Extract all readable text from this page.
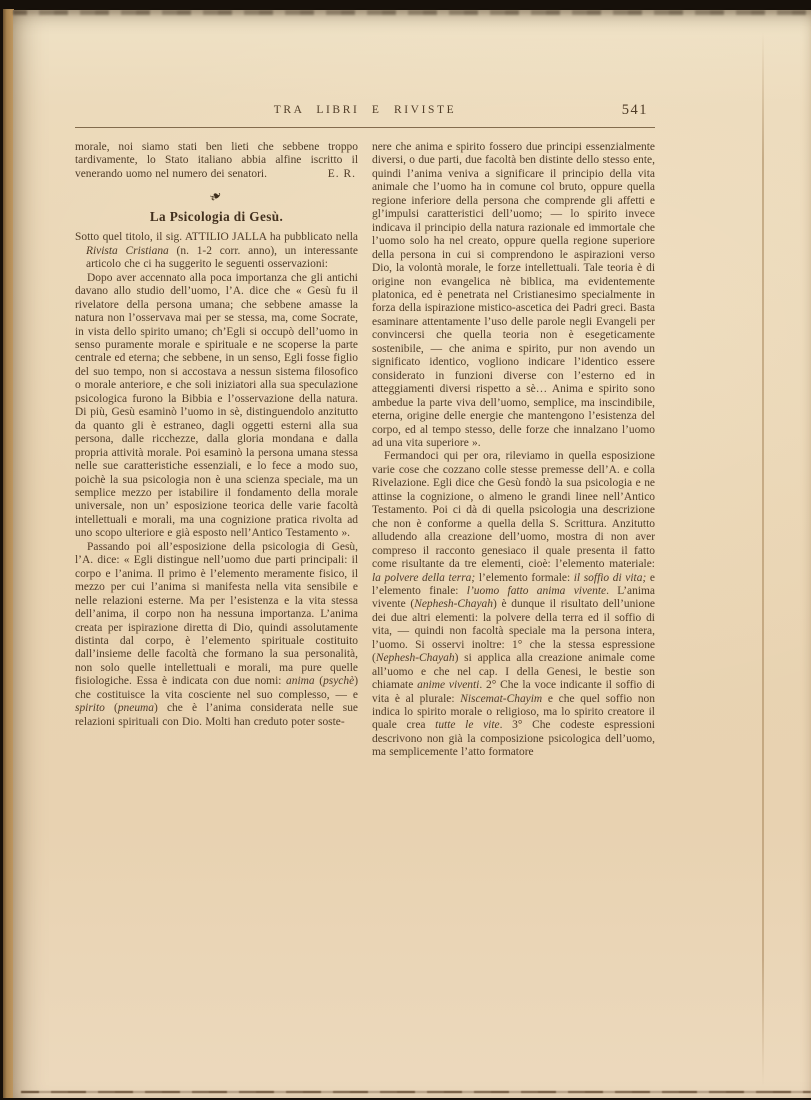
TRA LIBRI E RIVISTE	541

morale, noi siamo stati ben lieti che sebbene troppo tardivamente, lo Stato italiano abbia alfine iscritto il venerando uomo nel numero dei senatori.	E. R.
❧
La Psicologia di Gesù.

Sotto quel titolo, il sig. ATTILIO JALLA ha pubblicato nella Rivista Cristiana (n. 1-2 corr. anno), un interessante articolo che ci ha suggerito le seguenti osservazioni:

Dopo aver accennato alla poca importanza che gli antichi davano allo studio dell’uomo, l’A. dice che « Gesù fu il rivelatore della persona umana; che sebbene amasse la natura non l’osservava mai per se stessa, ma, come Socrate, in vista dello spirito umano; ch’Egli si occupò dell’uomo in senso puramente morale e spirituale e ne scoperse la parte centrale ed eterna; che sebbene, in un senso, Egli fosse figlio del suo tempo, non si accostava a nessun sistema filosofico o morale anteriore, e che soli iniziatori alla sua speculazione psicologica furono la Bibbia e l’osservazione della natura. Di più, Gesù esaminò l’uomo in sè, distinguendolo anzitutto da quanto gli è estraneo, dagli oggetti esterni alla sua persona, dalle ricchezze, dalla gloria mondana e dalla propria attività morale. Poi esaminò la persona umana stessa nelle sue caratteristiche essenziali, e lo fece a modo suo, poichè la sua psicologia non è una scienza speciale, ma un semplice mezzo per istabilire il fondamento della morale universale, non un’ esposizione teorica delle varie facoltà intellettuali e morali, ma una cognizione pratica rivolta ad uno scopo ulteriore e già esposto nell’Antico Testamento ».

Passando poi all’esposizione della psicologia di Gesù, l’A. dice: « Egli distingue nell’uomo due parti principali: il corpo e l’anima. Il primo è l’elemento meramente fisico, il mezzo per cui l’anima si manifesta nella vita sensibile e nelle relazioni esterne. Ma per l’esistenza e la vita stessa dell’anima, il corpo non ha nessuna importanza. L’anima creata per ispirazione diretta di Dio, quindi assolutamente distinta dal corpo, è l’elemento spirituale costituito dall’insieme delle facoltà che formano la sua personalità, non solo quelle intellettuali e morali, ma pure quelle fisiologiche. Essa è indicata con due nomi: anima (psychè) che costituisce la vita cosciente nel suo complesso, — e spirito (pneuma) che è l’anima considerata nelle sue relazioni spirituali con Dio. Molti han creduto poter soste-

nere che anima e spirito fossero due principi essenzialmente diversi, o due parti, due facoltà ben distinte dello stesso ente, quindi l’anima veniva a significare il principio della vita animale che l’uomo ha in comune col bruto, oppure quella regione inferiore della persona che comprende gli affetti e gl’impulsi caratteristici dell’uomo; — lo spirito invece indicava il principio della natura razionale ed immortale che l’uomo solo ha nel creato, oppure quella regione superiore della persona in cui si comprendono le aspirazioni verso Dio, la volontà morale, le forze intellettuali. Tale teoria è di origine non evangelica nè biblica, ma evidentemente platonica, ed è penetrata nel Cristianesimo specialmente in forza della ispirazione mistico-ascetica dei Padri greci. Basta esaminare attentamente l’uso delle parole negli Evangeli per convincersi che quella teoria non è esegeticamente sostenibile, — che anima e spirito, pur non avendo un significato identico, vogliono indicare l’identico essere considerato in funzioni diverse con l’esterno ed in atteggiamenti diversi rispetto a sè… Anima e spirito sono ambedue la parte viva dell’uomo, semplice, ma inscindibile, eterna, origine delle energie che mantengono l’esistenza del corpo, ed al tempo stesso, delle forze che innalzano l’uomo ad una vita superiore ».

Fermandoci qui per ora, rileviamo in quella esposizione varie cose che cozzano colle stesse premesse dell’A. e colla Rivelazione. Egli dice che Gesù fondò la sua psicologia e ne attinse la cognizione, o almeno le grandi linee nell’Antico Testamento. Poi ci dà di quella psicologia una descrizione che non è conforme a quella della S. Scrittura. Anzitutto alludendo alla creazione dell’uomo, mostra di non aver compreso il racconto genesiaco il quale presenta il fatto come risultante da tre elementi, cioè: l’elemento materiale: la polvere della terra; l’elemento formale: il soffio di vita; e l’elemento finale: l’uomo fatto anima vivente. L’anima vivente (Nephesh-Chayah) è dunque il risultato dell’unione dei due altri elementi: la polvere della terra ed il soffio di vita, — quindi non facoltà speciale ma la persona intera, l’uomo. Si osservi inoltre: 1° che la stessa espressione (Nephesh-Chayah) si applica alla creazione animale come all’uomo e che nel cap. I della Genesi, le bestie son chiamate anime viventi. 2° Che la voce indicante il soffio di vita è al plurale: Niscemat-Chayim e che quel soffio non indica lo spirito morale o religioso, ma lo spirito creatore il quale crea tutte le vite. 3° Che codeste espressioni descrivono non già la composizione psicologica dell’uomo, ma semplicemente l’atto formatore
